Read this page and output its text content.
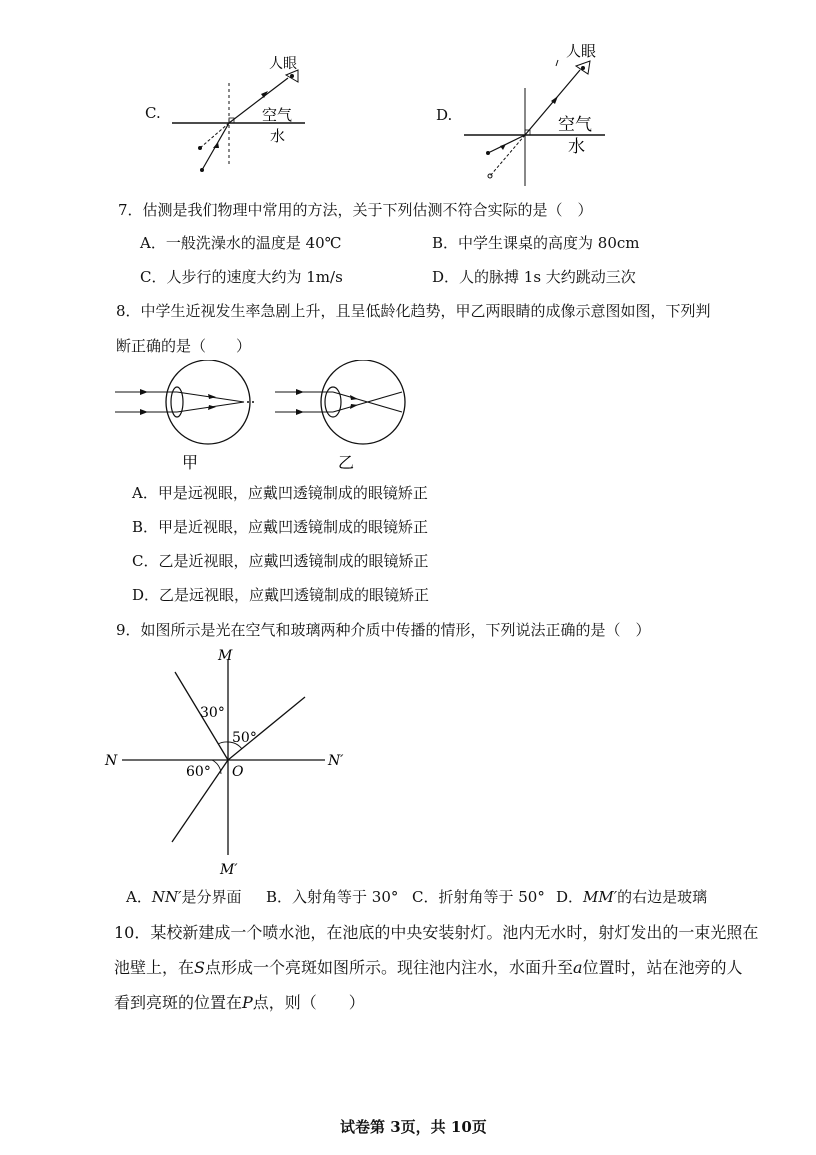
C.
人眼
空气
水
D.
人眼
空气
水
7．估测是我们物理中常用的方法，关于下列估测不符合实际的是（　）
A．一般洗澡水的温度是 40℃	B．中学生课桌的高度为 80cm
C．人步行的速度大约为 1m/s	D．人的脉搏 1s 大约跳动三次
8．中学生近视发生率急剧上升，且呈低龄化趋势，甲乙两眼睛的成像示意图如图，下列判
断正确的是（　　）
甲	乙
A．甲是远视眼，应戴凹透镜制成的眼镜矫正
B．甲是近视眼，应戴凹透镜制成的眼镜矫正
C．乙是近视眼，应戴凹透镜制成的眼镜矫正
D．乙是远视眼，应戴凹透镜制成的眼镜矫正
9．如图所示是光在空气和玻璃两种介质中传播的情形，下列说法正确的是（　）
M
M′
N	N′
O
30°
50°
60°
A．NN′是分界面 B．入射角等于 30° C．折射角等于 50° D．MM′的右边是玻璃
10．某校新建成一个喷水池，在池底的中央安装射灯。池内无水时，射灯发出的一束光照在
池壁上，在S点形成一个亮斑如图所示。现往池内注水，水面升至a位置时，站在池旁的人
看到亮斑的位置在P点，则（　　）
试卷第 3页，共 10页
